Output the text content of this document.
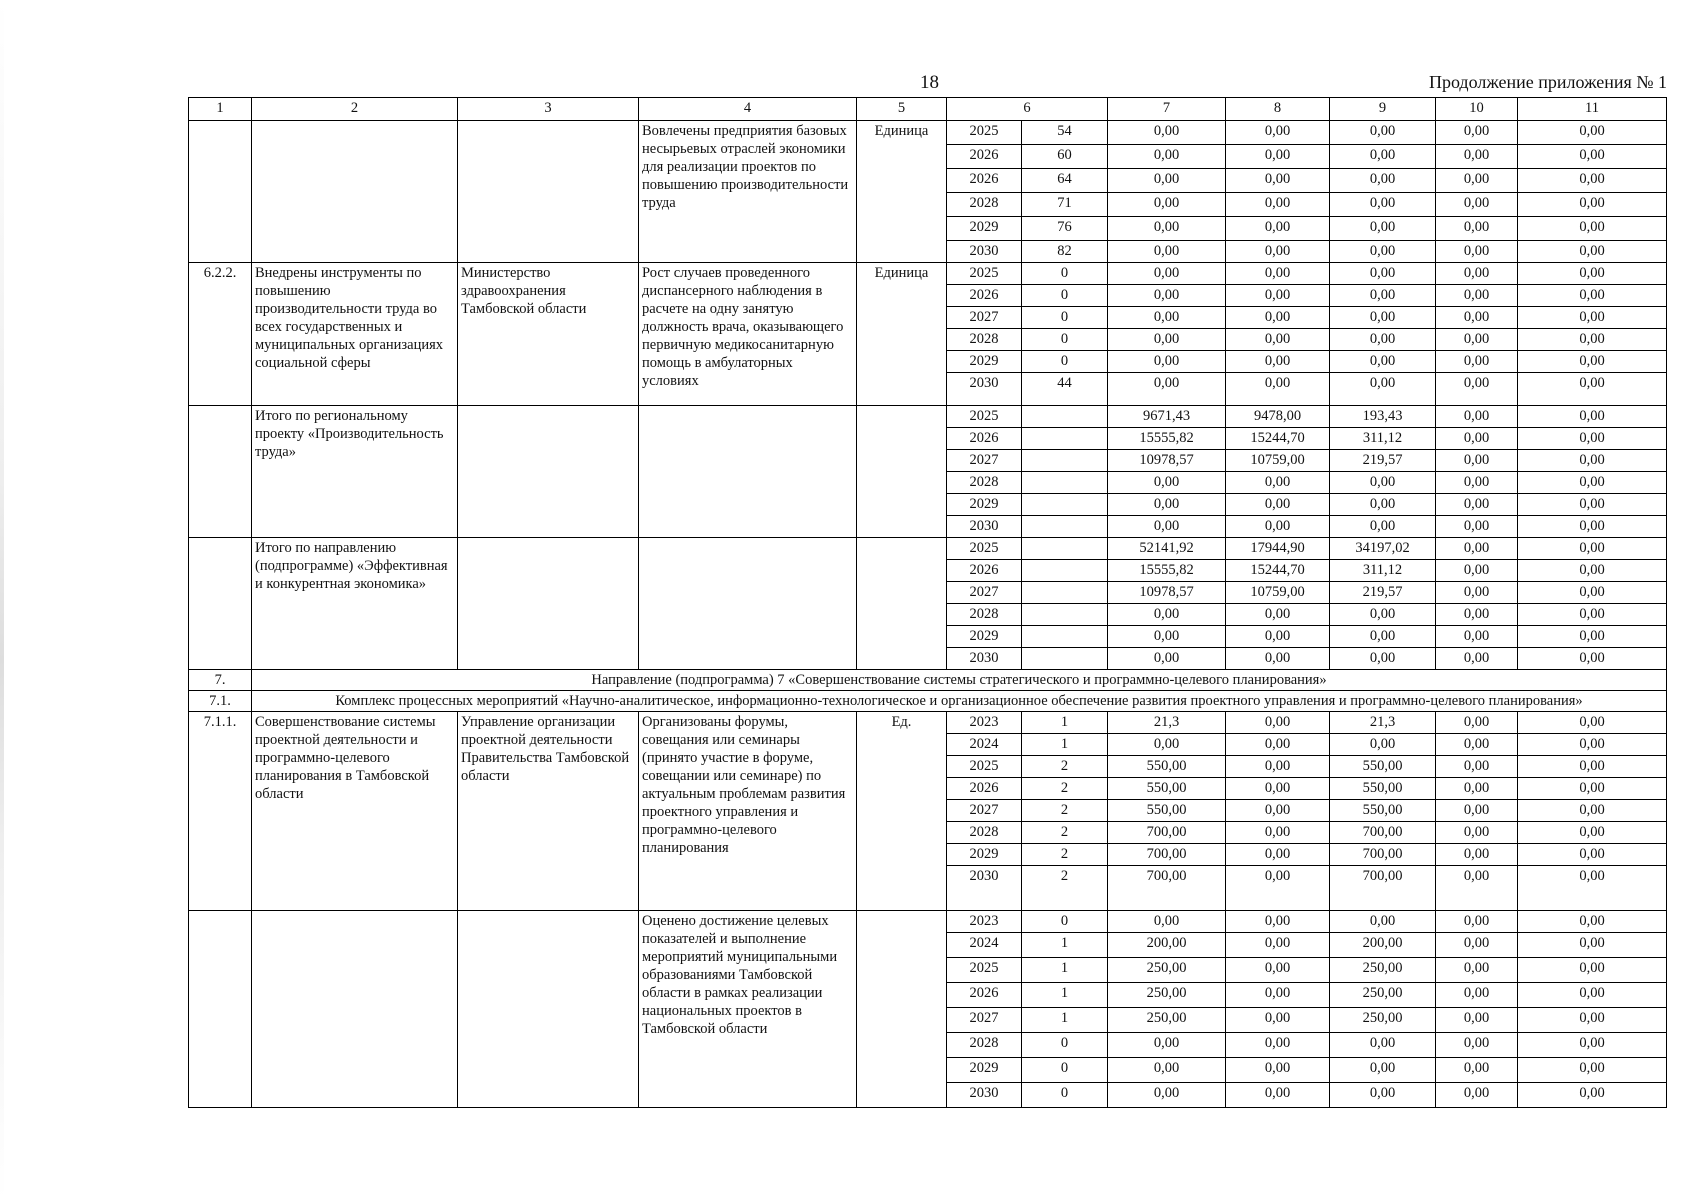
18	Продолжение приложения № 1
1	2	3	4	5	6		7	8	9	10	11
			Вовлечены предприятия базовых несырьевых отраслей экономики для реализации проектов по повышению производительности труда	Единица	2025	54	0,00	0,00	0,00	0,00	0,00
					2026	60	0,00	0,00	0,00	0,00	0,00
					2026	64	0,00	0,00	0,00	0,00	0,00
					2028	71	0,00	0,00	0,00	0,00	0,00
					2029	76	0,00	0,00	0,00	0,00	0,00
					2030	82	0,00	0,00	0,00	0,00	0,00
6.2.2.	Внедрены инструменты по повышению производительности труда во всех государственных и муниципальных организациях социальной сферы	Министерство здравоохранения Тамбовской области	Рост случаев проведенного диспансерного наблюдения в расчете на одну занятую должность врача, оказывающего первичную медикосанитарную помощь в амбулаторных условиях	Единица	2025	0	0,00	0,00	0,00	0,00	0,00
					2026	0	0,00	0,00	0,00	0,00	0,00
					2027	0	0,00	0,00	0,00	0,00	0,00
					2028	0	0,00	0,00	0,00	0,00	0,00
					2029	0	0,00	0,00	0,00	0,00	0,00
					2030	44	0,00	0,00	0,00	0,00	0,00
	Итого по региональному проекту «Производительность труда»				2025		9671,43	9478,00	193,43	0,00	0,00
					2026		15555,82	15244,70	311,12	0,00	0,00
					2027		10978,57	10759,00	219,57	0,00	0,00
					2028		0,00	0,00	0,00	0,00	0,00
					2029		0,00	0,00	0,00	0,00	0,00
					2030		0,00	0,00	0,00	0,00	0,00
	Итого по направлению (подпрограмме) «Эффективная и конкурентная экономика»				2025		52141,92	17944,90	34197,02	0,00	0,00
					2026		15555,82	15244,70	311,12	0,00	0,00
					2027		10978,57	10759,00	219,57	0,00	0,00
					2028		0,00	0,00	0,00	0,00	0,00
					2029		0,00	0,00	0,00	0,00	0,00
					2030		0,00	0,00	0,00	0,00	0,00
7.	Направление (подпрограмма) 7 «Совершенствование системы стратегического и программно-целевого планирования»										
7.1.	Комплекс процессных мероприятий «Научно-аналитическое, информационно-технологическое и организационное обеспечение развития проектного управления и программно-целевого планирования»										
7.1.1.	Совершенствование системы проектной деятельности и программно-целевого планирования в Тамбовской области	Управление организации проектной деятельности Правительства Тамбовской области	Организованы форумы, совещания или семинары (принято участие в форуме, совещании или семинаре) по актуальным проблемам развития проектного управления и программно-целевого планирования	Ед.	2023	1	21,3	0,00	21,3	0,00	0,00
					2024	1	0,00	0,00	0,00	0,00	0,00
					2025	2	550,00	0,00	550,00	0,00	0,00
					2026	2	550,00	0,00	550,00	0,00	0,00
					2027	2	550,00	0,00	550,00	0,00	0,00
					2028	2	700,00	0,00	700,00	0,00	0,00
					2029	2	700,00	0,00	700,00	0,00	0,00
					2030	2	700,00	0,00	700,00	0,00	0,00
			Оценено достижение целевых показателей и выполнение мероприятий муниципальными образованиями Тамбовской области в рамках реализации национальных проектов в Тамбовской области		2023	0	0,00	0,00	0,00	0,00	0,00
					2024	1	200,00	0,00	200,00	0,00	0,00
					2025	1	250,00	0,00	250,00	0,00	0,00
					2026	1	250,00	0,00	250,00	0,00	0,00
					2027	1	250,00	0,00	250,00	0,00	0,00
					2028	0	0,00	0,00	0,00	0,00	0,00
					2029	0	0,00	0,00	0,00	0,00	0,00
					2030	0	0,00	0,00	0,00	0,00	0,00
